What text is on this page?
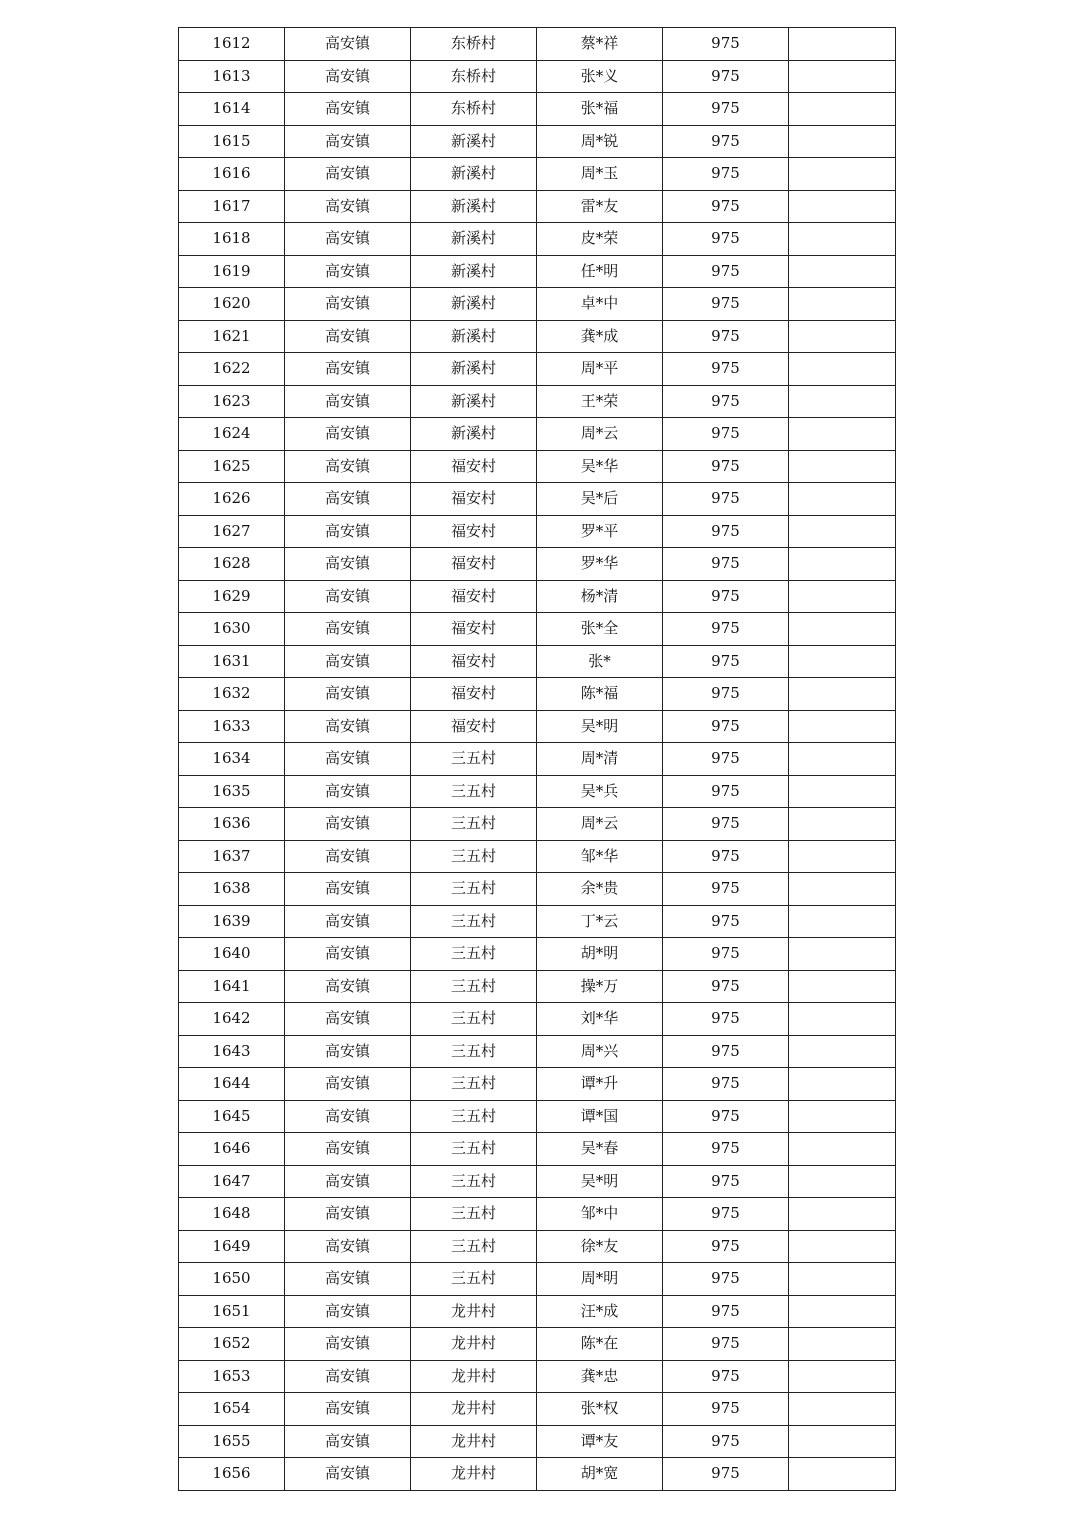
1612	高安镇	东桥村	蔡*祥	975	
1613	高安镇	东桥村	张*义	975	
1614	高安镇	东桥村	张*福	975	
1615	高安镇	新溪村	周*锐	975	
1616	高安镇	新溪村	周*玉	975	
1617	高安镇	新溪村	雷*友	975	
1618	高安镇	新溪村	皮*荣	975	
1619	高安镇	新溪村	任*明	975	
1620	高安镇	新溪村	卓*中	975	
1621	高安镇	新溪村	龚*成	975	
1622	高安镇	新溪村	周*平	975	
1623	高安镇	新溪村	王*荣	975	
1624	高安镇	新溪村	周*云	975	
1625	高安镇	福安村	吴*华	975	
1626	高安镇	福安村	吴*后	975	
1627	高安镇	福安村	罗*平	975	
1628	高安镇	福安村	罗*华	975	
1629	高安镇	福安村	杨*清	975	
1630	高安镇	福安村	张*全	975	
1631	高安镇	福安村	张*	975	
1632	高安镇	福安村	陈*福	975	
1633	高安镇	福安村	吴*明	975	
1634	高安镇	三五村	周*清	975	
1635	高安镇	三五村	吴*兵	975	
1636	高安镇	三五村	周*云	975	
1637	高安镇	三五村	邹*华	975	
1638	高安镇	三五村	余*贵	975	
1639	高安镇	三五村	丁*云	975	
1640	高安镇	三五村	胡*明	975	
1641	高安镇	三五村	操*万	975	
1642	高安镇	三五村	刘*华	975	
1643	高安镇	三五村	周*兴	975	
1644	高安镇	三五村	谭*升	975	
1645	高安镇	三五村	谭*国	975	
1646	高安镇	三五村	吴*春	975	
1647	高安镇	三五村	吴*明	975	
1648	高安镇	三五村	邹*中	975	
1649	高安镇	三五村	徐*友	975	
1650	高安镇	三五村	周*明	975	
1651	高安镇	龙井村	汪*成	975	
1652	高安镇	龙井村	陈*在	975	
1653	高安镇	龙井村	龚*忠	975	
1654	高安镇	龙井村	张*权	975	
1655	高安镇	龙井村	谭*友	975	
1656	高安镇	龙井村	胡*宽	975	
